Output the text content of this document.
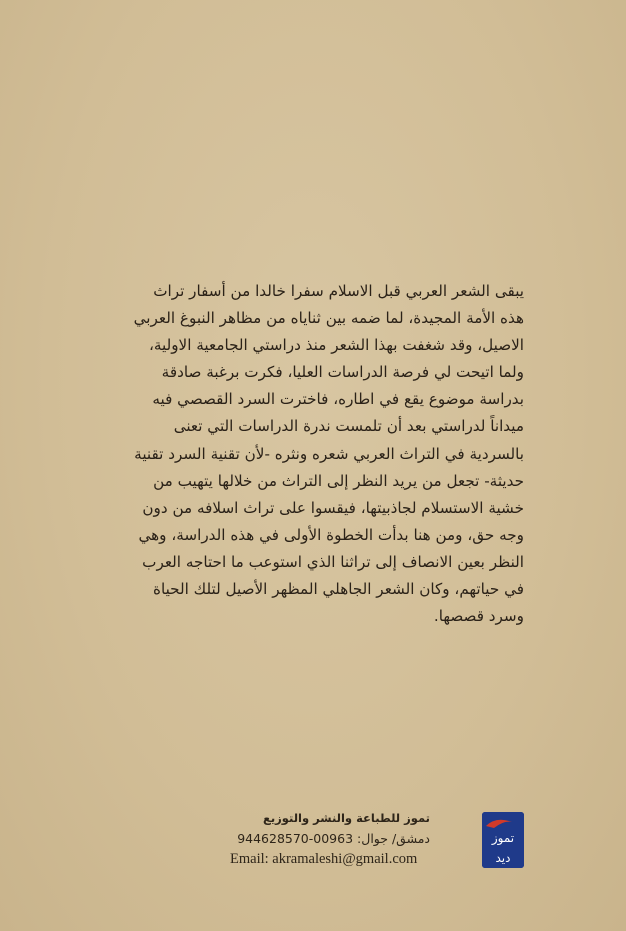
يبقى الشعر العربي قبل الاسلام سفرا خالدا من أسفار تراث
هذه الأمة المجيدة، لما ضمه بين ثناياه من مظاهر النبوغ العربي
الاصيل، وقد شغفت بهذا الشعر منذ دراستي الجامعية الاولية،
ولما اتيحت لي فرصة الدراسات العليا، فكرت برغبة صادقة
بدراسة موضوع يقع في اطاره، فاخترت السرد القصصي فيه
ميداناً لدراستي بعد أن تلمست ندرة الدراسات التي تعنى
بالسردية في التراث العربي شعره ونثره -لأن تقنية السرد تقنية
حديثة- تجعل من يريد النظر إلى التراث من خلالها يتهيب من
خشية الاستسلام لجاذبيتها، فيقسوا على تراث اسلافه من دون
وجه حق، ومن هنا بدأت الخطوة الأولى في هذه الدراسة، وهي
النظر بعين الانصاف إلى تراثنا الذي استوعب ما احتاجه العرب
في حياتهم، وكان الشعر الجاهلي المظهر الأصيل لتلك الحياة
وسرد قصصها.
تموز للطباعة والنشر والتوزيع
دمشق/ جوال: 00963-944628570
Email: akramaleshi@gmail.com
تموز
ديد
